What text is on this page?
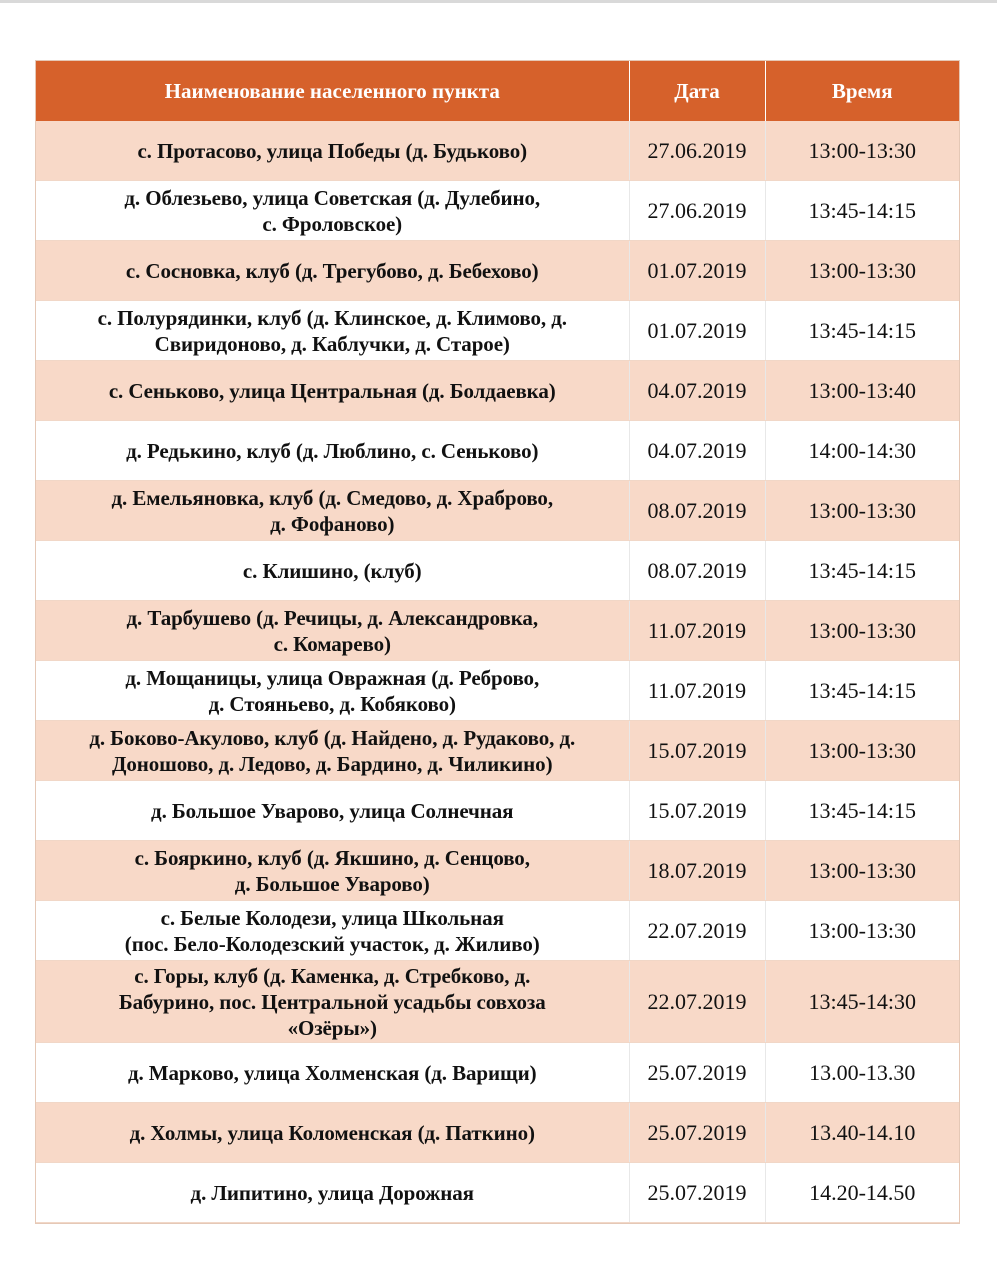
Наименование населенного пункта	Дата	Время
с. Протасово, улица Победы (д. Будьково)	27.06.2019	13:00-13:30
д. Облезьево, улица Советская (д. Дулебино,
с. Фроловское)	27.06.2019	13:45-14:15
с. Сосновка, клуб (д. Трегубово, д. Бебехово)	01.07.2019	13:00-13:30
с. Полурядинки, клуб (д. Клинское, д. Климово, д.
Свиридоново, д. Каблучки, д. Старое)	01.07.2019	13:45-14:15
с. Сеньково, улица Центральная (д. Болдаевка)	04.07.2019	13:00-13:40
д. Редькино, клуб (д. Люблино, с. Сеньково)	04.07.2019	14:00-14:30
д. Емельяновка, клуб (д. Смедово, д. Храброво,
д. Фофаново)	08.07.2019	13:00-13:30
с. Клишино, (клуб)	08.07.2019	13:45-14:15
д. Тарбушево (д. Речицы, д. Александровка,
с. Комарево)	11.07.2019	13:00-13:30
д. Мощаницы, улица Овражная (д. Реброво,
д. Стояньево, д. Кобяково)	11.07.2019	13:45-14:15
д. Боково-Акулово, клуб (д. Найдено, д. Рудаково, д.
Доношово, д. Ледово, д. Бардино, д. Чиликино)	15.07.2019	13:00-13:30
д. Большое Уварово, улица Солнечная	15.07.2019	13:45-14:15
с. Бояркино, клуб (д. Якшино, д. Сенцово,
д. Большое Уварово)	18.07.2019	13:00-13:30
с. Белые Колодези, улица Школьная
(пос. Бело-Колодезский участок, д. Жиливо)	22.07.2019	13:00-13:30
с. Горы, клуб (д. Каменка, д. Стребково, д.
Бабурино, пос. Центральной усадьбы совхоза
«Озёры»)	22.07.2019	13:45-14:30
д. Марково, улица Холменская (д. Варищи)	25.07.2019	13.00-13.30
д. Холмы, улица Коломенская (д. Паткино)	25.07.2019	13.40-14.10
д. Липитино, улица Дорожная	25.07.2019	14.20-14.50
